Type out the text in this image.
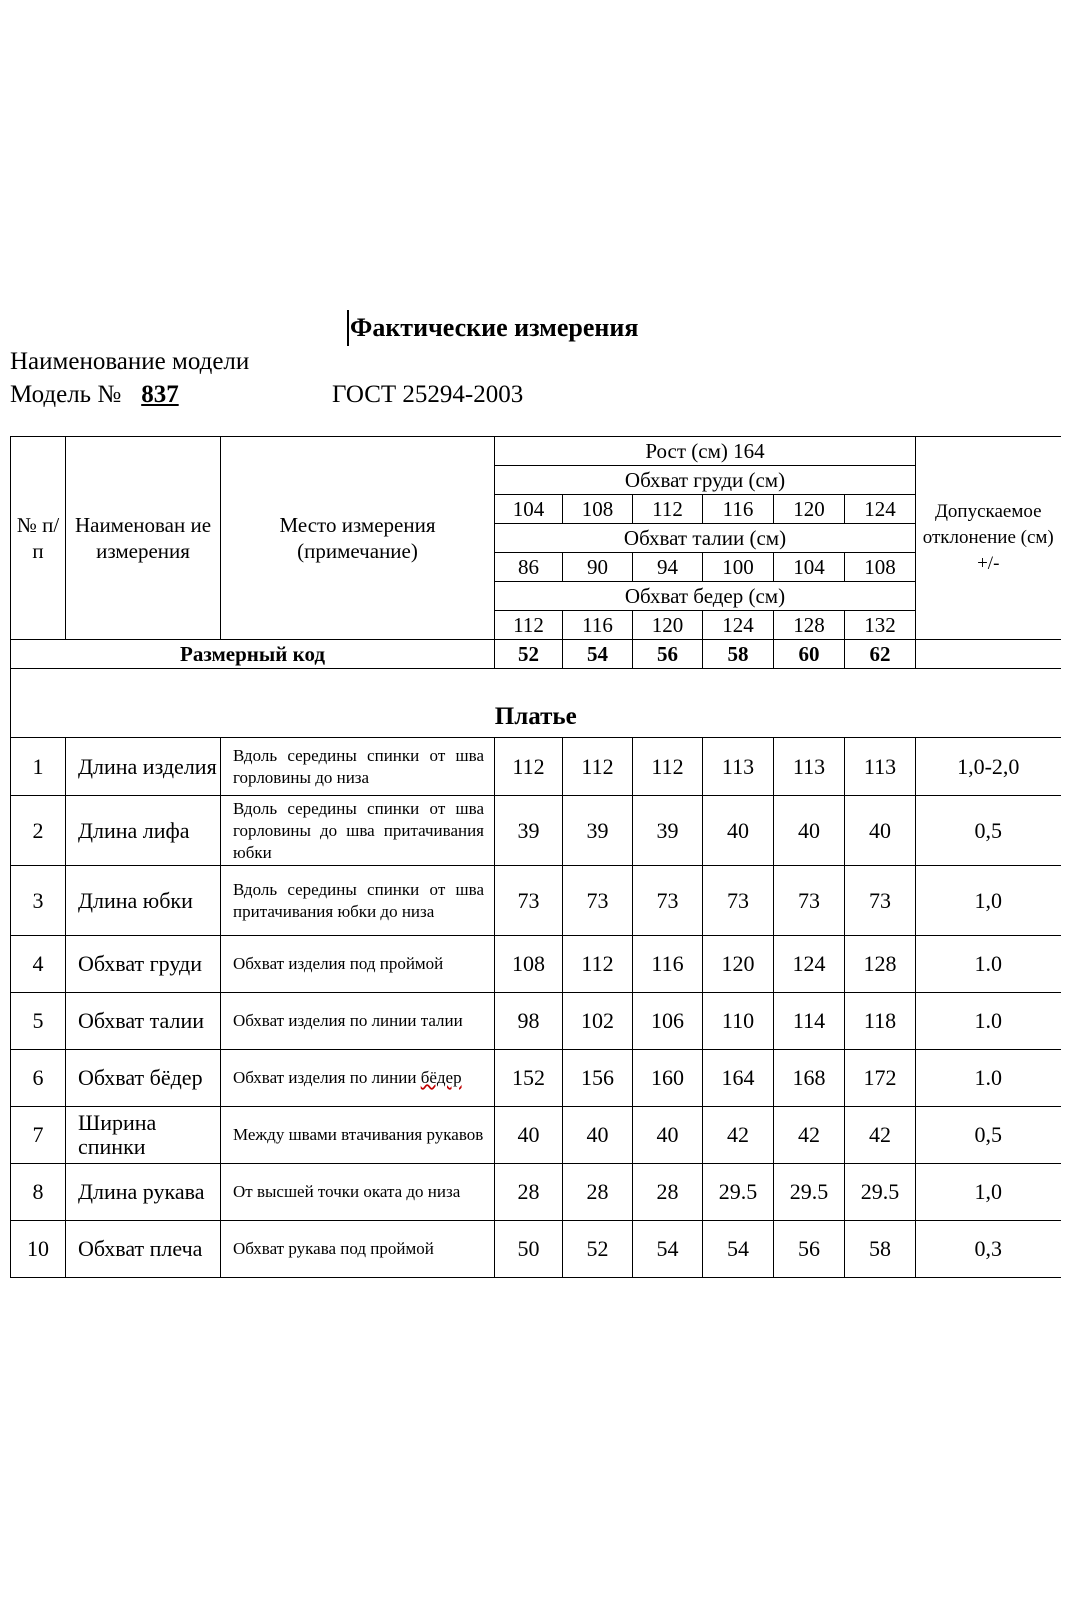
Фактические измерения
Наименование модели
Модель № 837	ГОСТ 25294-2003
№ п/ п	Наименован ие измерения	Место измерения (примечание)	Рост (см) 164						Допускаемое отклонение (см) +/-
			Обхват груди (см)						
			104	108	112	116	120	124	
			Обхват талии (см)						
			86	90	94	100	104	108	
			Обхват бедер (см)						
			112	116	120	124	128	132	
Размерный код			52	54	56	58	60	62	
Платье									
1	Длина изделия	Вдоль середины спинки от шва горловины до низа	112	112	112	113	113	113	1,0-2,0
2	Длина лифа	Вдоль середины спинки от шва горловины до шва притачивания юбки	39	39	39	40	40	40	0,5
3	Длина юбки	Вдоль середины спинки от шва притачивания юбки до низа	73	73	73	73	73	73	1,0
4	Обхват груди	Обхват изделия под проймой	108	112	116	120	124	128	1.0
5	Обхват талии	Обхват изделия по линии талии	98	102	106	110	114	118	1.0
6	Обхват бёдер	Обхват изделия по линии бёдер	152	156	160	164	168	172	1.0
7	Ширина спинки	Между швами втачивания рукавов	40	40	40	42	42	42	0,5
8	Длина рукава	От высшей точки оката до низа	28	28	28	29.5	29.5	29.5	1,0
10	Обхват плеча	Обхват рукава под проймой	50	52	54	54	56	58	0,3
